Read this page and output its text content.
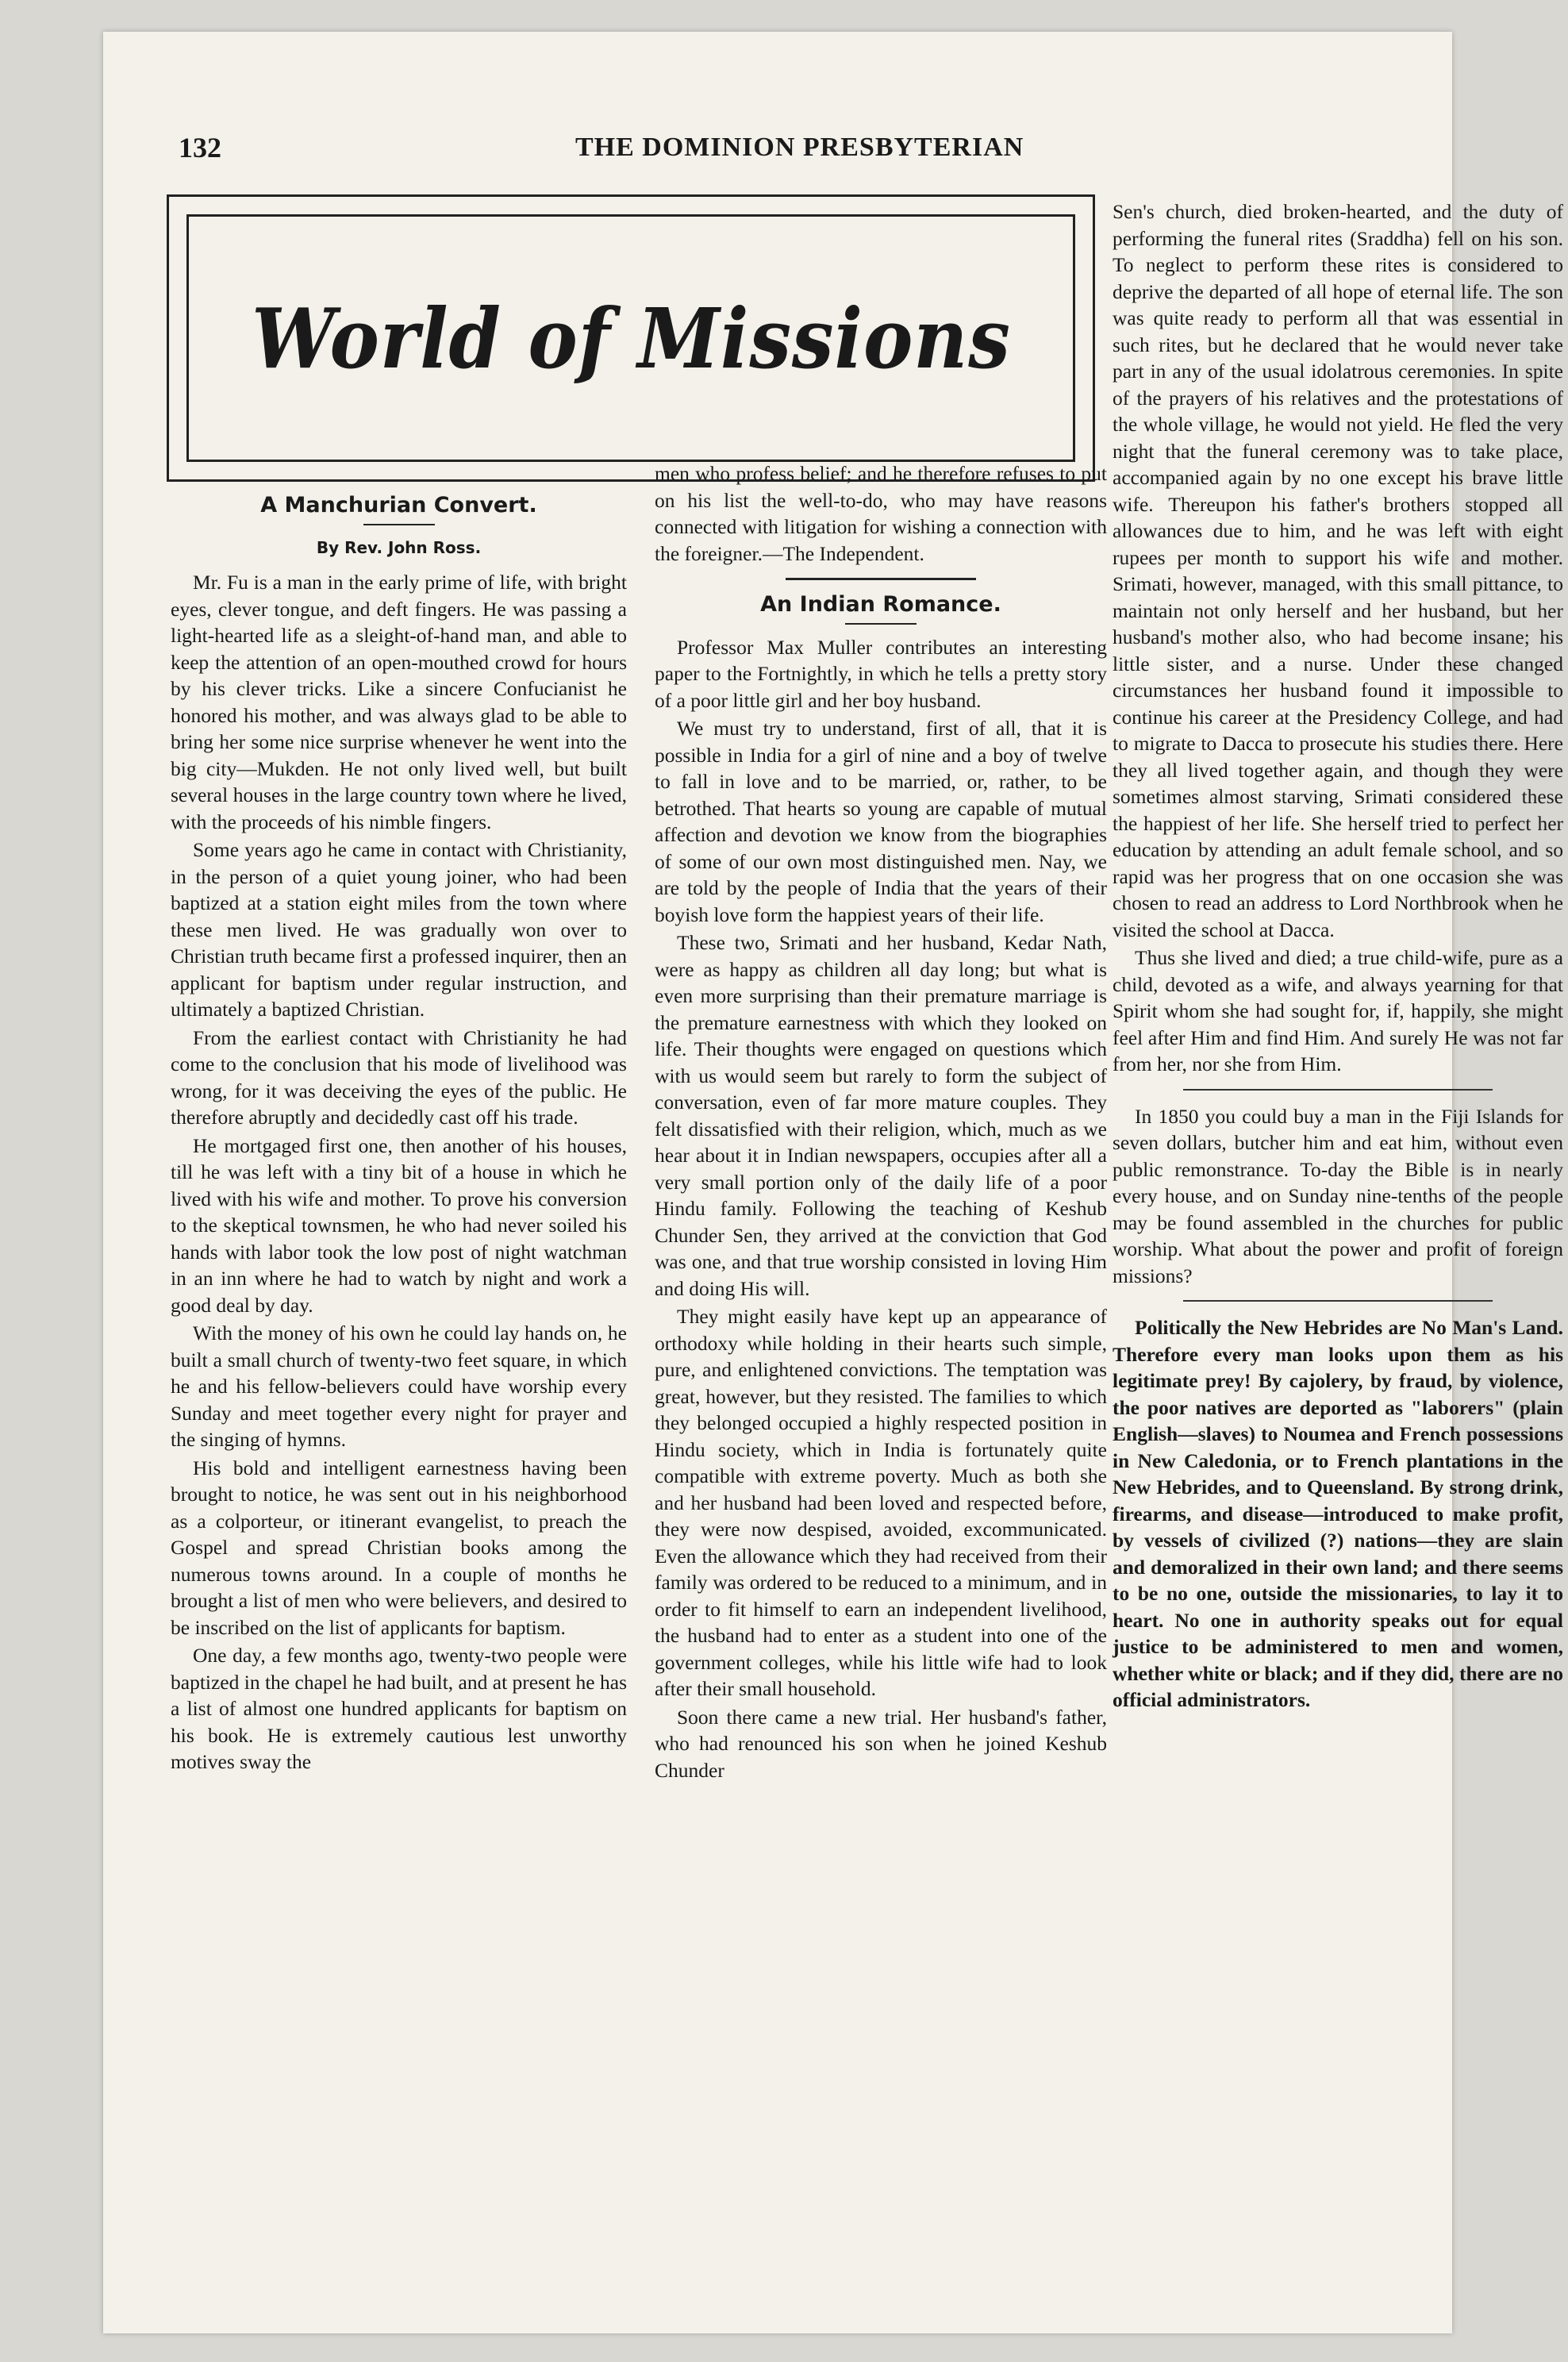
132	THE DOMINION PRESBYTERIAN
World of Missions
A Manchurian Convert.
By Rev. John Ross.

Mr. Fu is a man in the early prime of life, with bright eyes, clever tongue, and deft fingers. He was passing a light-hearted life as a sleight-of-hand man, and able to keep the attention of an open-mouthed crowd for hours by his clever tricks. Like a sincere Confucianist he honored his mother, and was always glad to be able to bring her some nice surprise whenever he went into the big city—Mukden. He not only lived well, but built several houses in the large country town where he lived, with the proceeds of his nimble fingers.

Some years ago he came in contact with Christianity, in the person of a quiet young joiner, who had been baptized at a station eight miles from the town where these men lived. He was gradually won over to Christian truth became first a professed inquirer, then an applicant for baptism under regular instruction, and ultimately a baptized Christian.

From the earliest contact with Christianity he had come to the conclusion that his mode of livelihood was wrong, for it was deceiving the eyes of the public. He therefore abruptly and decidedly cast off his trade.

He mortgaged first one, then another of his houses, till he was left with a tiny bit of a house in which he lived with his wife and mother. To prove his conversion to the skeptical townsmen, he who had never soiled his hands with labor took the low post of night watchman in an inn where he had to watch by night and work a good deal by day.

With the money of his own he could lay hands on, he built a small church of twenty-two feet square, in which he and his fellow-believers could have worship every Sunday and meet together every night for prayer and the singing of hymns.

His bold and intelligent earnestness having been brought to notice, he was sent out in his neighborhood as a colporteur, or itinerant evangelist, to preach the Gospel and spread Christian books among the numerous towns around. In a couple of months he brought a list of men who were believers, and desired to be inscribed on the list of applicants for baptism.

One day, a few months ago, twenty-two people were baptized in the chapel he had built, and at present he has a list of almost one hundred applicants for baptism on his book. He is extremely cautious lest unworthy motives sway the

men who profess belief; and he therefore refuses to put on his list the well-to-do, who may have reasons connected with litigation for wishing a connection with the foreigner.—The Independent.

An Indian Romance.

Professor Max Muller contributes an interesting paper to the Fortnightly, in which he tells a pretty story of a poor little girl and her boy husband.

We must try to understand, first of all, that it is possible in India for a girl of nine and a boy of twelve to fall in love and to be married, or, rather, to be betrothed. That hearts so young are capable of mutual affection and devotion we know from the biographies of some of our own most distinguished men. Nay, we are told by the people of India that the years of their boyish love form the happiest years of their life.

These two, Srimati and her husband, Kedar Nath, were as happy as children all day long; but what is even more surprising than their premature marriage is the premature earnestness with which they looked on life. Their thoughts were engaged on questions which with us would seem but rarely to form the subject of conversation, even of far more mature couples. They felt dissatisfied with their religion, which, much as we hear about it in Indian newspapers, occupies after all a very small portion only of the daily life of a poor Hindu family. Following the teaching of Keshub Chunder Sen, they arrived at the conviction that God was one, and that true worship consisted in loving Him and doing His will.

They might easily have kept up an appearance of orthodoxy while holding in their hearts such simple, pure, and enlightened convictions. The temptation was great, however, but they resisted. The families to which they belonged occupied a highly respected position in Hindu society, which in India is fortunately quite compatible with extreme poverty. Much as both she and her husband had been loved and respected before, they were now despised, avoided, excommunicated. Even the allowance which they had received from their family was ordered to be reduced to a minimum, and in order to fit himself to earn an independent livelihood, the husband had to enter as a student into one of the government colleges, while his little wife had to look after their small household.

Soon there came a new trial. Her husband's father, who had renounced his son when he joined Keshub Chunder

Sen's church, died broken-hearted, and the duty of performing the funeral rites (Sraddha) fell on his son. To neglect to perform these rites is considered to deprive the departed of all hope of eternal life. The son was quite ready to perform all that was essential in such rites, but he declared that he would never take part in any of the usual idolatrous ceremonies. In spite of the prayers of his relatives and the protestations of the whole village, he would not yield. He fled the very night that the funeral ceremony was to take place, accompanied again by no one except his brave little wife. Thereupon his father's brothers stopped all allowances due to him, and he was left with eight rupees per month to support his wife and mother. Srimati, however, managed, with this small pittance, to maintain not only herself and her husband, but her husband's mother also, who had become insane; his little sister, and a nurse. Under these changed circumstances her husband found it impossible to continue his career at the Presidency College, and had to migrate to Dacca to prosecute his studies there. Here they all lived together again, and though they were sometimes almost starving, Srimati considered these the happiest of her life. She herself tried to perfect her education by attending an adult female school, and so rapid was her progress that on one occasion she was chosen to read an address to Lord Northbrook when he visited the school at Dacca.

Thus she lived and died; a true child-wife, pure as a child, devoted as a wife, and always yearning for that Spirit whom she had sought for, if, happily, she might feel after Him and find Him. And surely He was not far from her, nor she from Him.

In 1850 you could buy a man in the Fiji Islands for seven dollars, butcher him and eat him, without even public remonstrance. To-day the Bible is in nearly every house, and on Sunday nine-tenths of the people may be found assembled in the churches for public worship. What about the power and profit of foreign missions?

Politically the New Hebrides are No Man's Land. Therefore every man looks upon them as his legitimate prey! By cajolery, by fraud, by violence, the poor natives are deported as "laborers" (plain English—slaves) to Noumea and French possessions in New Caledonia, or to French plantations in the New Hebrides, and to Queensland. By strong drink, firearms, and disease—introduced to make profit, by vessels of civilized (?) nations—they are slain and demoralized in their own land; and there seems to be no one, outside the missionaries, to lay it to heart. No one in authority speaks out for equal justice to be administered to men and women, whether white or black; and if they did, there are no official administrators.
